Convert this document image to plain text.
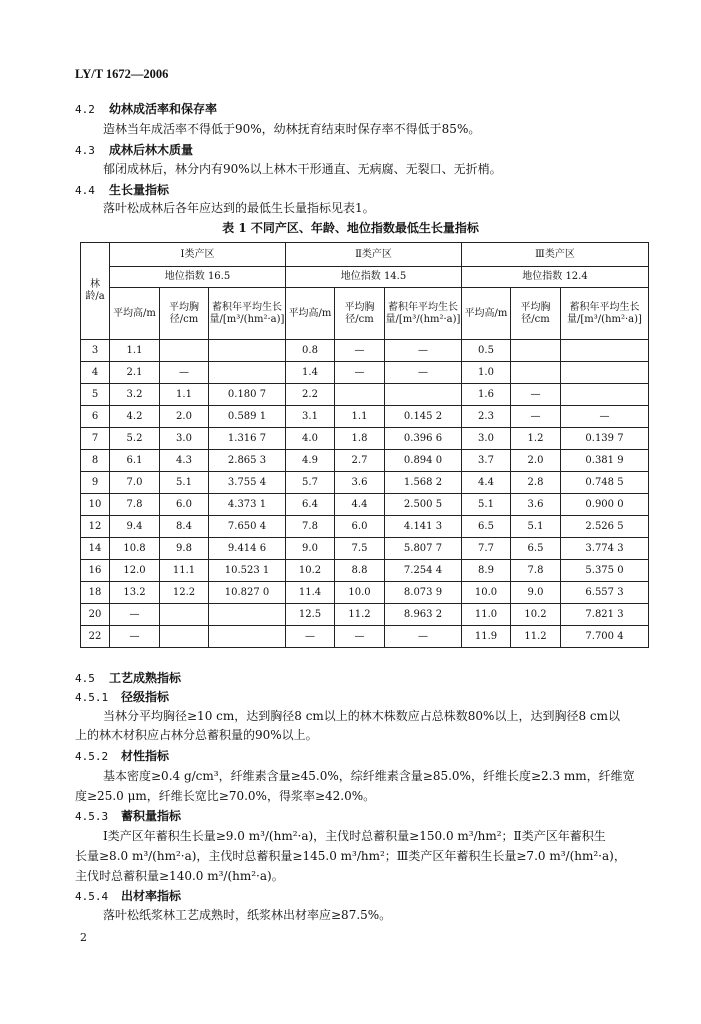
LY/T 1672—2006
4.2 幼林成活率和保存率
造林当年成活率不得低于90%，幼林抚育结束时保存率不得低于85%。
4.3 成林后林木质量
郁闭成林后，林分内有90%以上林木干形通直、无病腐、无裂口、无折梢。
4.4 生长量指标
落叶松成林后各年应达到的最低生长量指标见表1。
表 1 不同产区、年龄、地位指数最低生长量指标
林龄/a	Ⅰ类产区			Ⅱ类产区			Ⅲ类产区		
	地位指数 16.5			地位指数 14.5			地位指数 12.4		
	平均高/m	平均胸径/cm	蓄积年平均生长量/[m³/(hm²·a)]	平均高/m	平均胸径/cm	蓄积年平均生长量/[m³/(hm²·a)]	平均高/m	平均胸径/cm	蓄积年平均生长量/[m³/(hm²·a)]
3	1.1			0.8	—	—	0.5		
4	2.1	—		1.4	—	—	1.0		
5	3.2	1.1	0.180 7	2.2			1.6	—	
6	4.2	2.0	0.589 1	3.1	1.1	0.145 2	2.3	—	—
7	5.2	3.0	1.316 7	4.0	1.8	0.396 6	3.0	1.2	0.139 7
8	6.1	4.3	2.865 3	4.9	2.7	0.894 0	3.7	2.0	0.381 9
9	7.0	5.1	3.755 4	5.7	3.6	1.568 2	4.4	2.8	0.748 5
10	7.8	6.0	4.373 1	6.4	4.4	2.500 5	5.1	3.6	0.900 0
12	9.4	8.4	7.650 4	7.8	6.0	4.141 3	6.5	5.1	2.526 5
14	10.8	9.8	9.414 6	9.0	7.5	5.807 7	7.7	6.5	3.774 3
16	12.0	11.1	10.523 1	10.2	8.8	7.254 4	8.9	7.8	5.375 0
18	13.2	12.2	10.827 0	11.4	10.0	8.073 9	10.0	9.0	6.557 3
20	—			12.5	11.2	8.963 2	11.0	10.2	7.821 3
22	—			—	—	—	11.9	11.2	7.700 4
4.5 工艺成熟指标
4.5.1 径级指标
当林分平均胸径≥10 cm，达到胸径8 cm以上的林木株数应占总株数80%以上，达到胸径8 cm以
上的林木材积应占林分总蓄积量的90%以上。
4.5.2 材性指标
基本密度≥0.4 g/cm³，纤维素含量≥45.0%，综纤维素含量≥85.0%，纤维长度≥2.3 mm，纤维宽
度≥25.0 μm，纤维长宽比≥70.0%，得浆率≥42.0%。
4.5.3 蓄积量指标
Ⅰ类产区年蓄积生长量≥9.0 m³/(hm²·a)，主伐时总蓄积量≥150.0 m³/hm²；Ⅱ类产区年蓄积生
长量≥8.0 m³/(hm²·a)，主伐时总蓄积量≥145.0 m³/hm²；Ⅲ类产区年蓄积生长量≥7.0 m³/(hm²·a)，
主伐时总蓄积量≥140.0 m³/(hm²·a)。
4.5.4 出材率指标
落叶松纸浆林工艺成熟时，纸浆林出材率应≥87.5%。
2
